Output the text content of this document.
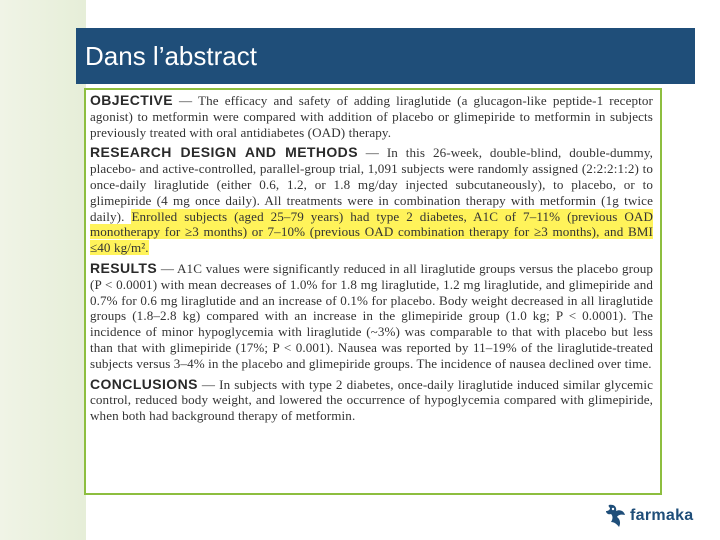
Dans l’abstract

OBJECTIVE — The efficacy and safety of adding liraglutide (a glucagon-like peptide-1 receptor agonist) to metformin were compared with addition of placebo or glimepiride to metformin in subjects previously treated with oral antidiabetes (OAD) therapy.

RESEARCH DESIGN AND METHODS — In this 26-week, double-blind, double-dummy, placebo- and active-controlled, parallel-group trial, 1,091 subjects were randomly assigned (2:2:2:1:2) to once-daily liraglutide (either 0.6, 1.2, or 1.8 mg/day injected subcutaneously), to placebo, or to glimepiride (4 mg once daily). All treatments were in combination therapy with metformin (1g twice daily). Enrolled subjects (aged 25–79 years) had type 2 diabetes, A1C of 7–11% (previous OAD monotherapy for ≥3 months) or 7–10% (previous OAD combination therapy for ≥3 months), and BMI ≤40 kg/m².

RESULTS — A1C values were significantly reduced in all liraglutide groups versus the placebo group (P < 0.0001) with mean decreases of 1.0% for 1.8 mg liraglutide, 1.2 mg liraglutide, and glimepiride and 0.7% for 0.6 mg liraglutide and an increase of 0.1% for placebo. Body weight decreased in all liraglutide groups (1.8–2.8 kg) compared with an increase in the glimepiride group (1.0 kg; P < 0.0001). The incidence of minor hypoglycemia with liraglutide (~3%) was comparable to that with placebo but less than that with glimepiride (17%; P < 0.001). Nausea was reported by 11–19% of the liraglutide-treated subjects versus 3–4% in the placebo and glimepiride groups. The incidence of nausea declined over time.

CONCLUSIONS — In subjects with type 2 diabetes, once-daily liraglutide induced similar glycemic control, reduced body weight, and lowered the occurrence of hypoglycemia compared with glimepiride, when both had background therapy of metformin.

farmaka
